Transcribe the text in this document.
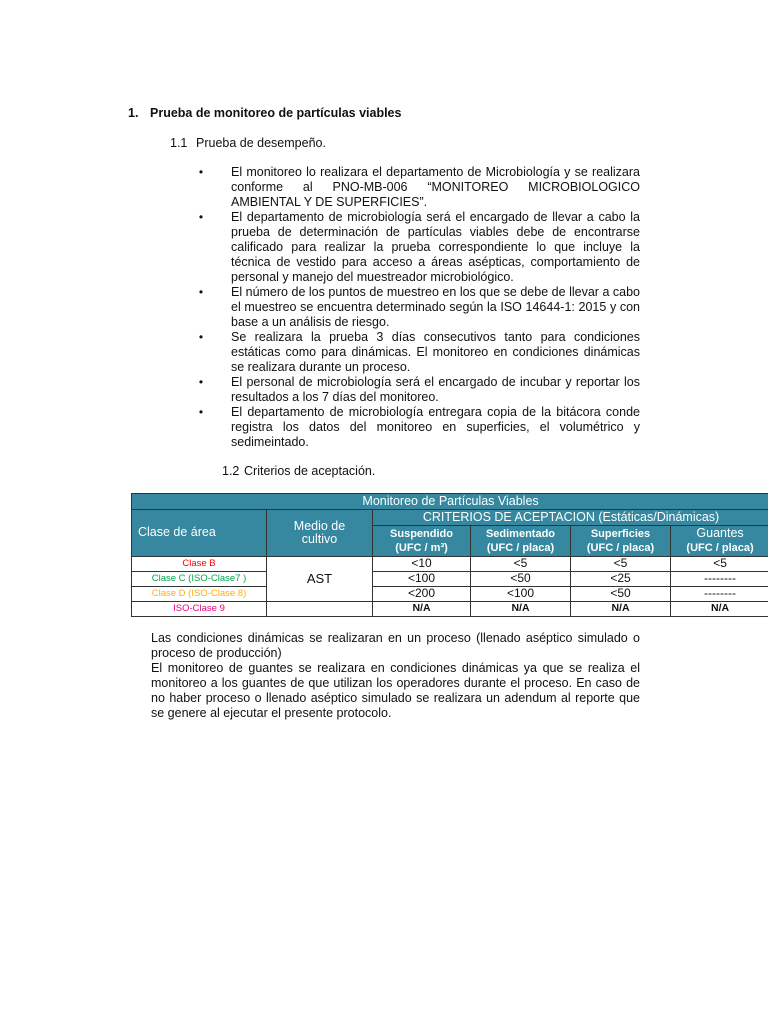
1. Prueba de monitoreo de partículas viables
1.1 Prueba de desempeño.
• El monitoreo lo realizara el departamento de Microbiología y se realizara conforme al PNO-MB-006 “MONITOREO MICROBIOLOGICO AMBIENTAL Y DE SUPERFICIES”.
• El departamento de microbiología será el encargado de llevar a cabo la prueba de determinación de partículas viables debe de encontrarse calificado para realizar la prueba correspondiente lo que incluye la técnica de vestido para acceso a áreas asépticas, comportamiento de personal y manejo del muestreador microbiológico.
• El número de los puntos de muestreo en los que se debe de llevar a cabo el muestreo se encuentra determinado según la ISO 14644-1: 2015 y con base a un análisis de riesgo.
• Se realizara la prueba 3 días consecutivos tanto para condiciones estáticas como para dinámicas. El monitoreo en condiciones dinámicas se realizara durante un proceso.
• El personal de microbiología será el encargado de incubar y reportar los resultados a los 7 días del monitoreo.
• El departamento de microbiología entregara copia de la bitácora conde registra los datos del monitoreo en superficies, el volumétrico y sedimeintado.
1.2 Criterios de aceptación.
Monitoreo de Partículas Viables					
Clase de área	Medio de cultivo	CRITERIOS DE ACEPTACION (Estáticas/Dinámicas)			
		Suspendido
(UFC / m³)	Sedimentado
(UFC / placa)	Superficies
(UFC / placa)	Guantes
(UFC / placa)
Clase B	AST	<10	<5	<5	<5
Clase C (ISO-Clase7 )		<100	<50	<25	--------
Clase D (ISO-Clase 8)		<200	<100	<50	--------
ISO-Clase 9		N/A	N/A	N/A	N/A

Las condiciones dinámicas se realizaran en un proceso (llenado aséptico simulado o proceso de producción)

El monitoreo de guantes se realizara en condiciones dinámicas ya que se realiza el monitoreo a los guantes de que utilizan los operadores durante el proceso. En caso de no haber proceso o llenado aséptico simulado se realizara un adendum al reporte que se genere al ejecutar el presente protocolo.
